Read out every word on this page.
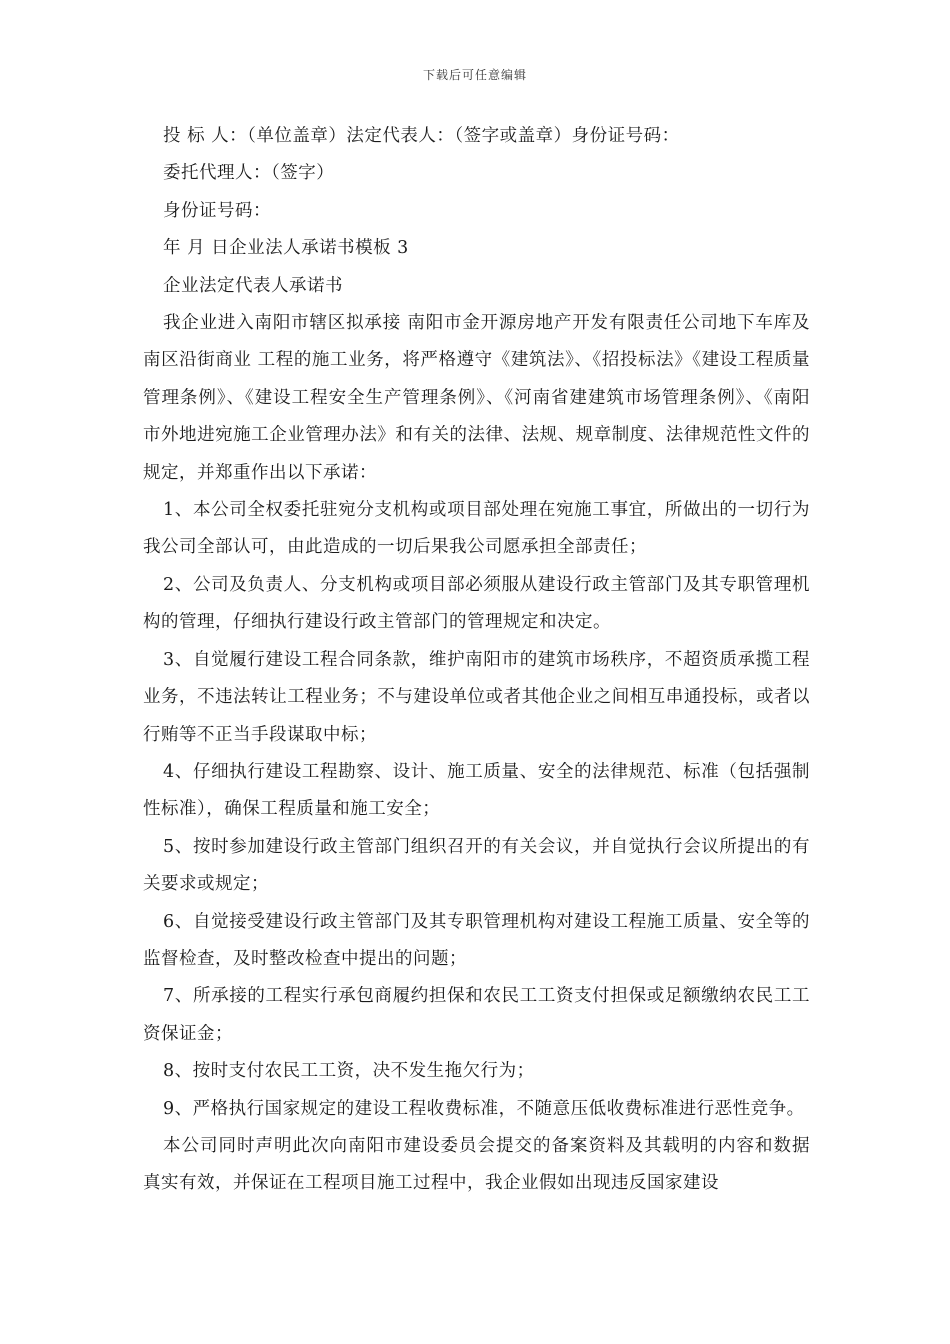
下载后可任意编辑

投 标 人：（单位盖章）法定代表人：（签字或盖章）身份证号码：

委托代理人：（签字）

身份证号码：

年 月 日企业法人承诺书模板 3

企业法定代表人承诺书

我企业进入南阳市辖区拟承接 南阳市金开源房地产开发有限责任公司地下车库及南区沿街商业 工程的施工业务，将严格遵守《建筑法》、《招投标法》《建设工程质量管理条例》、《建设工程安全生产管理条例》、《河南省建建筑市场管理条例》、《南阳市外地进宛施工企业管理办法》和有关的法律、法规、规章制度、法律规范性文件的规定，并郑重作出以下承诺：

1、本公司全权委托驻宛分支机构或项目部处理在宛施工事宜，所做出的一切行为我公司全部认可，由此造成的一切后果我公司愿承担全部责任；

2、公司及负责人、分支机构或项目部必须服从建设行政主管部门及其专职管理机构的管理，仔细执行建设行政主管部门的管理规定和决定。

3、自觉履行建设工程合同条款，维护南阳市的建筑市场秩序，不超资质承揽工程业务，不违法转让工程业务；不与建设单位或者其他企业之间相互串通投标，或者以行贿等不正当手段谋取中标；

4、仔细执行建设工程勘察、设计、施工质量、安全的法律规范、标准（包括强制性标准），确保工程质量和施工安全；

5、按时参加建设行政主管部门组织召开的有关会议，并自觉执行会议所提出的有关要求或规定；

6、自觉接受建设行政主管部门及其专职管理机构对建设工程施工质量、安全等的监督检查，及时整改检查中提出的问题；

7、所承接的工程实行承包商履约担保和农民工工资支付担保或足额缴纳农民工工资保证金；

8、按时支付农民工工资，决不发生拖欠行为；

9、严格执行国家规定的建设工程收费标准，不随意压低收费标准进行恶性竞争。

本公司同时声明此次向南阳市建设委员会提交的备案资料及其载明的内容和数据真实有效，并保证在工程项目施工过程中，我企业假如出现违反国家建设
